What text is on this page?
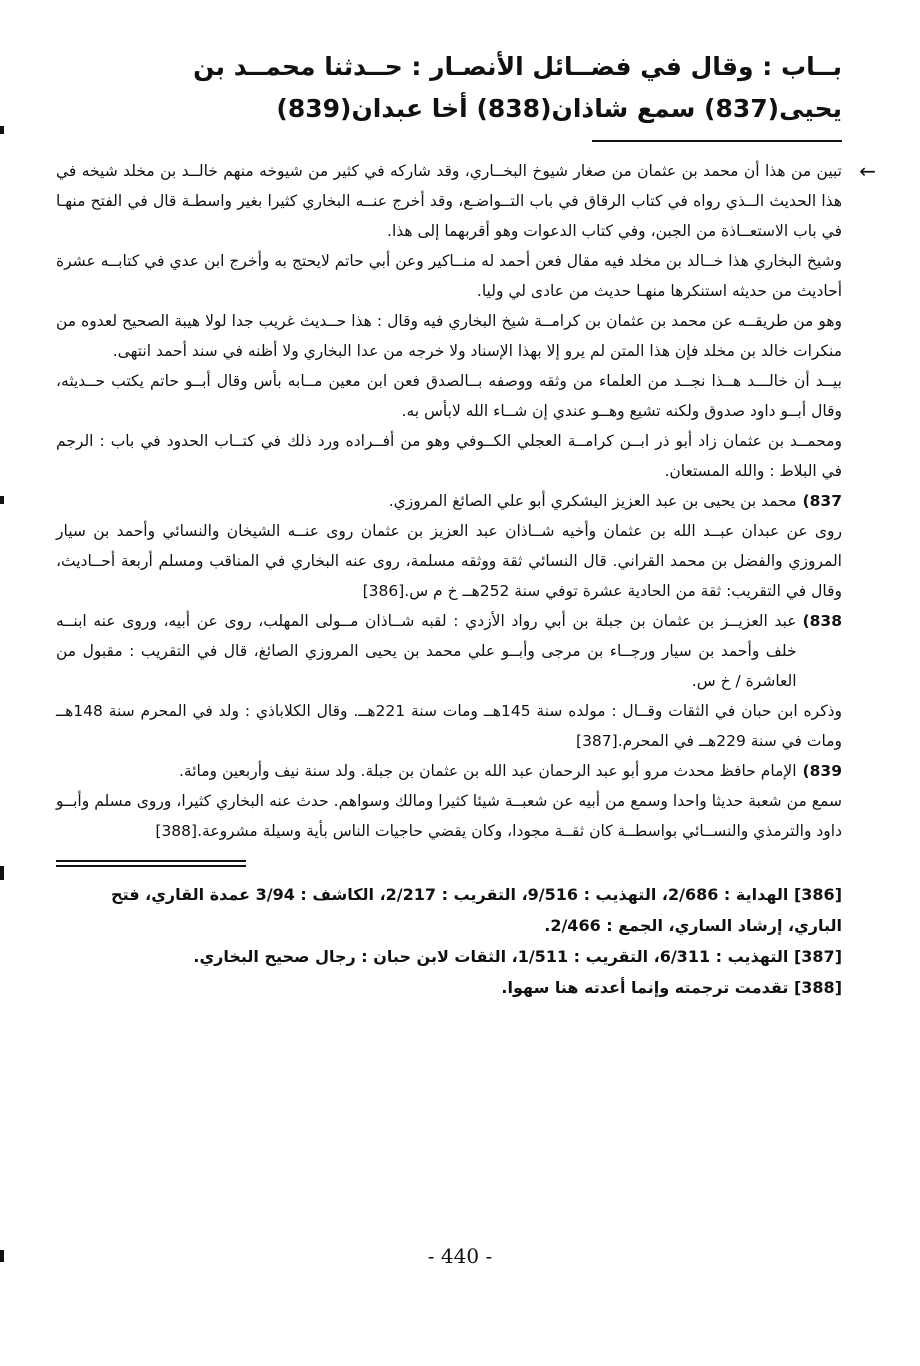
بــاب : وقال في فضــائل الأنصـار : حــدثنا محمــد بن يحيى(837) سمع شاذان(838) أخا عبدان(839)
←
تبين من هذا أن محمد بن عثمان من صغار شيوخ البخــاري، وقد شاركه في كثير من شيوخه منهم خالــد بن مخلد شيخه في هذا الحديث الــذي رواه في كتاب الرقاق في باب التــواضـع، وقد أخرج عنــه البخاري كثيرا بغير واسطـة قال في الفتح منهـا في باب الاستعــاذة من الجبن، وفي كتاب الدعوات وهو أقربهما إلى هذا.

وشيخ البخاري هذا خــالد بن مخلد فيه مقال فعن أحمد له منــاكير وعن أبي حاتم لايحتج به وأخرج ابن عدي في كتابــه عشرة أحاديث من حديثه استنكرها منهـا حديث من عادى لي وليا.

وهو من طريقــه عن محمد بن عثمان بن كرامــة شيخ البخاري فيه وقال : هذا حــديث غريب جدا لولا هيبة الصحيح لعدوه من منكرات خالد بن مخلد فإن هذا المتن لم يرو إلا بهذا الإسناد ولا خرجه من عدا البخاري ولا أظنه في سند أحمد انتهى.

بيــد أن خالـــد هــذا نجــد من العلماء من وثقه ووصفه بــالصدق فعن ابن معين مــابه بأس وقال أبــو حاتم يكتب حــديثه، وقال أبــو داود صدوق ولكنه تشيع وهــو عندي إن شــاء الله لابأس به.

ومحمــد بن عثمان زاد أبو ذر ابــن كرامــة العجلي الكــوفي وهو من أفــراده ورد ذلك في كتــاب الحدود في باب : الرجم في البلاط : والله المستعان.

(837

محمد بن يحيى بن عبد العزيز اليشكري أبو علي الصائغ المروزي.

روى عن عبدان عبــد الله بن عثمان وأخيه شــاذان عبد العزيز بن عثمان روى عنــه الشيخان والنسائي وأحمد بن سيار المروزي والفضل بن محمد القراني. قال النسائي ثقة ووثقه مسلمة، روى عنه البخاري في المناقب ومسلم أربعة أحــاديث، وقال في التقريب: ثقة من الحادية عشرة توفي سنة 252هــ خ م س.[386]

(838

عبد العزيــز بن عثمان بن جبلة بن أبي رواد الأزدي : لقبه شــاذان مــولى المهلب، روى عن أبيه، وروى عنه ابنــه خلف وأحمد بن سيار ورجــاء بن مرجى وأبــو علي محمد بن يحيى المروزي الصائغ، قال في التقريب : مقبول من العاشرة / خ س.

وذكره ابن حبان في الثقات وقــال : مولده سنة 145هــ ومات سنة 221هــ. وقال الكلاباذي : ولد في المحرم سنة 148هــ ومات في سنة 229هــ في المحرم.[387]

(839

الإمام حافظ محدث مرو أبو عبد الرحمان عبد الله بن عثمان بن جبلة. ولد سنة نيف وأربعين ومائة.

سمع من شعبة حديثا واحدا وسمع من أبيه عن شعبــة شيئا كثيرا ومالك وسواهم. حدث عنه البخاري كثيرا، وروى مسلم وأبــو داود والترمذي والنســائي بواسطــة كان ثقــة مجودا، وكان يقضي حاجيات الناس بأية وسيلة مشروعة.[388]

[386] الهداية : 2/686، التهذيب : 9/516، التقريب : 2/217، الكاشف : 3/94 عمدة القاري، فتح الباري، إرشاد الساري، الجمع : 2/466.

[387] التهذيب : 6/311، التقريب : 1/511، الثقات لابن حبان : رجال صحيح البخاري.

[388] تقدمت ترجمته وإنما أعدته هنا سهوا.

- 440 -
